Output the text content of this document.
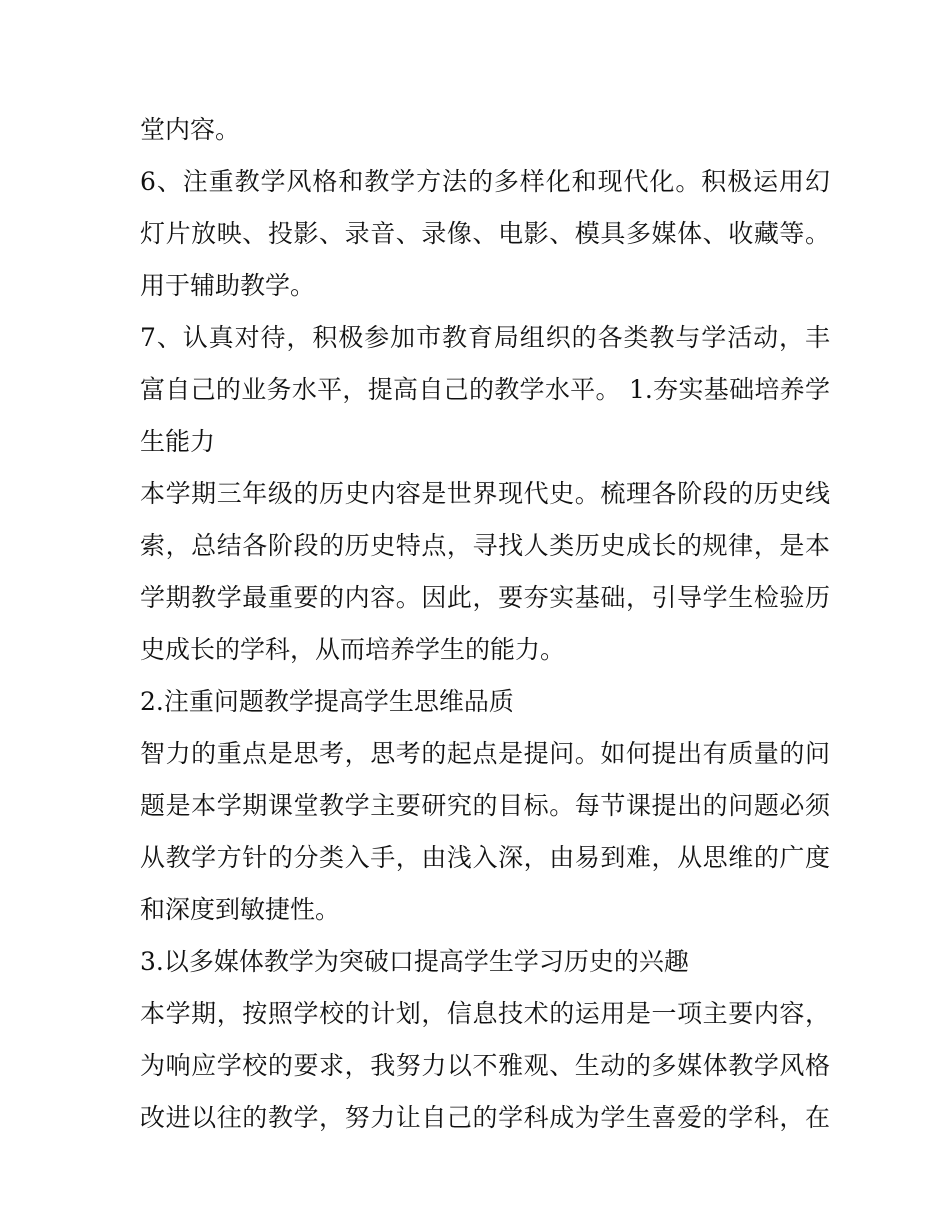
堂内容。
6、注重教学风格和教学方法的多样化和现代化。积极运用幻
灯片放映、投影、录音、录像、电影、模具多媒体、收藏等。
用于辅助教学。
7、认真对待，积极参加市教育局组织的各类教与学活动，丰
富自己的业务水平，提高自己的教学水平。 1.夯实基础培养学
生能力
本学期三年级的历史内容是世界现代史。梳理各阶段的历史线
索，总结各阶段的历史特点，寻找人类历史成长的规律，是本
学期教学最重要的内容。因此，要夯实基础，引导学生检验历
史成长的学科，从而培养学生的能力。
2.注重问题教学提高学生思维品质
智力的重点是思考，思考的起点是提问。如何提出有质量的问
题是本学期课堂教学主要研究的目标。每节课提出的问题必须
从教学方针的分类入手，由浅入深，由易到难，从思维的广度
和深度到敏捷性。
3.以多媒体教学为突破口提高学生学习历史的兴趣
本学期，按照学校的计划，信息技术的运用是一项主要内容，
为响应学校的要求，我努力以不雅观、生动的多媒体教学风格
改进以往的教学，努力让自己的学科成为学生喜爱的学科，在
